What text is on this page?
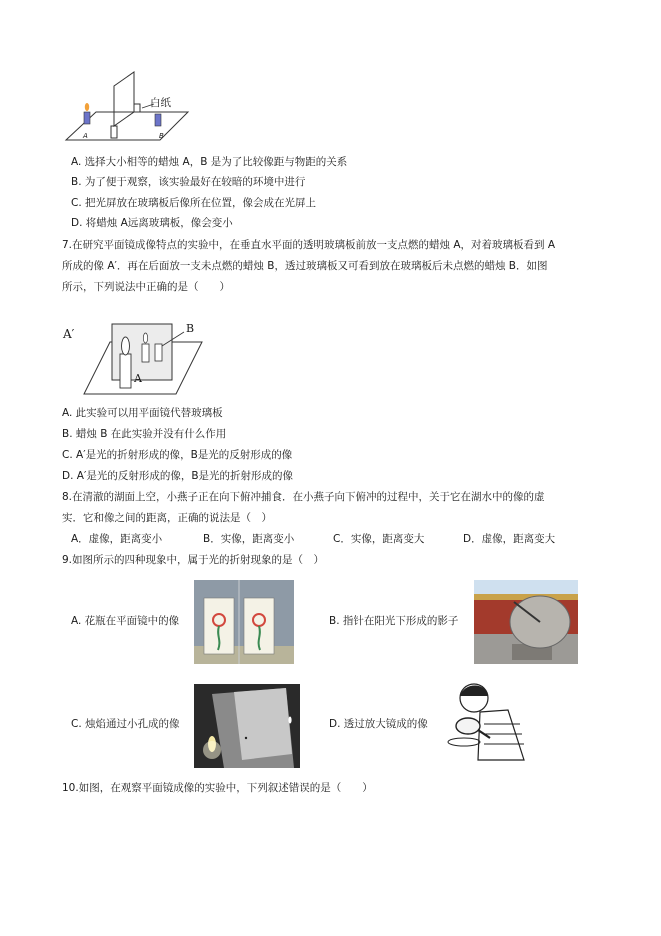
白纸
A	B
A. 选择大小相等的蜡烛 A，B 是为了比较像距与物距的关系
B. 为了便于观察，该实验最好在较暗的环境中进行
C. 把光屏放在玻璃板后像所在位置，像会成在光屏上
D. 将蜡烛 A远离玻璃板，像会变小
7.在研究平面镜成像特点的实验中，在垂直水平面的透明玻璃板前放一支点燃的蜡烛 A，对着玻璃板看到 A
所成的像 A′．再在后面放一支未点燃的蜡烛 B，透过玻璃板又可看到放在玻璃板后未点燃的蜡烛 B．如图
所示，下列说法中正确的是（　　）
A′	B
A
A. 此实验可以用平面镜代替玻璃板
B. 蜡烛 B 在此实验并没有什么作用
C. A′是光的折射形成的像，B是光的反射形成的像
D. A′是光的反射形成的像，B是光的折射形成的像
8.在清澈的湖面上空，小燕子正在向下俯冲捕食．在小燕子向下俯冲的过程中，关于它在湖水中的像的虚
实．它和像之间的距离，正确的说法是（　）
A．虚像，距离变小	B．实像，距离变小	C．实像，距离变大	D．虚像，距离变大
9.如图所示的四种现象中，属于光的折射现象的是（　）
A. 花瓶在平面镜中的像	B. 指针在阳光下形成的影子
C. 烛焰通过小孔成的像	D. 透过放大镜成的像
10.如图，在观察平面镜成像的实验中，下列叙述错误的是（　　）
